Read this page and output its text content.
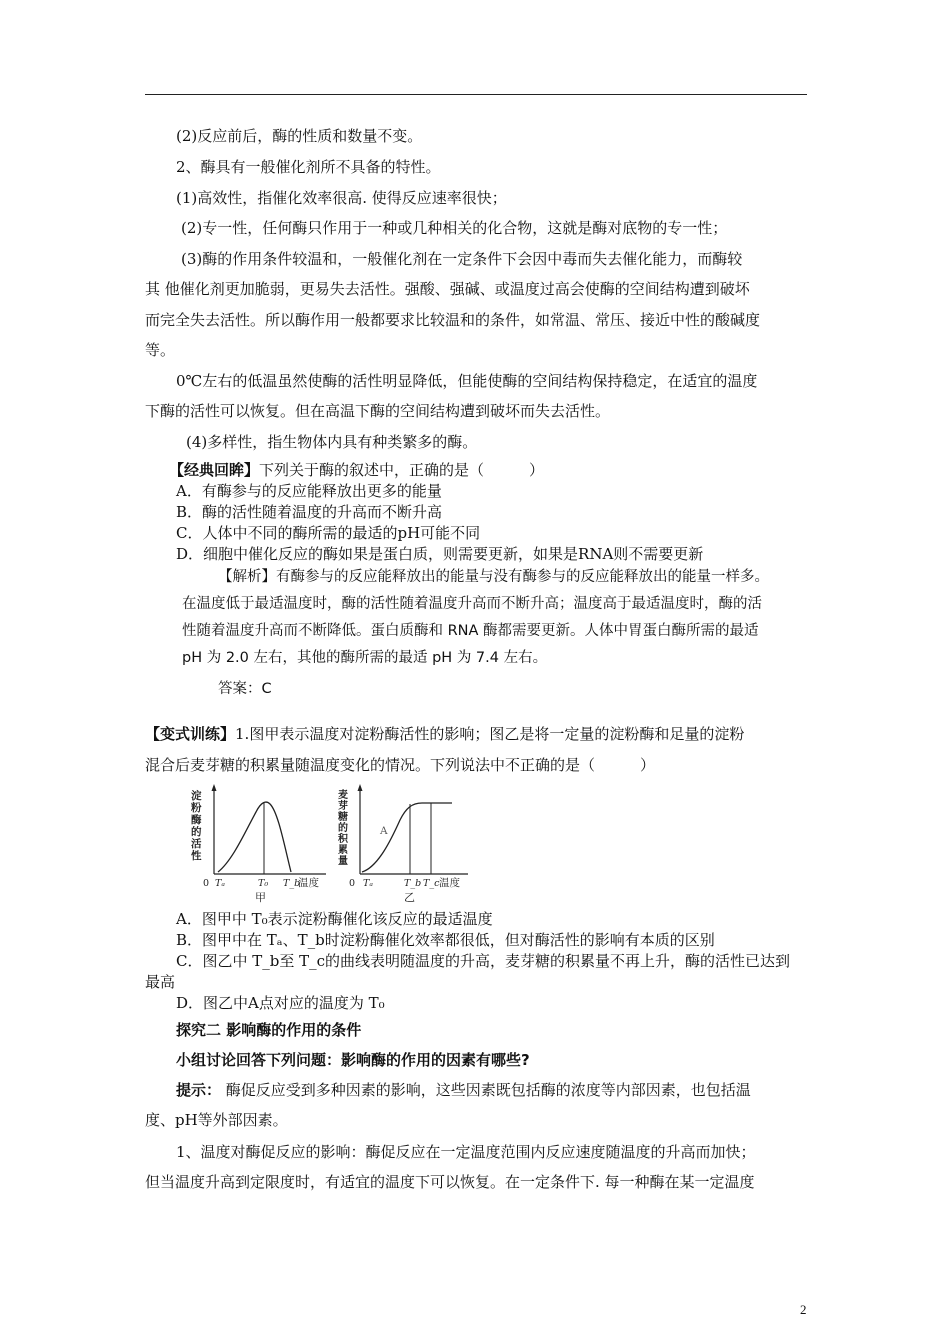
(2)反应前后，酶的性质和数量不变。
2、酶具有一般催化剂所不具备的特性。
(1)高效性，指催化效率很高. 使得反应速率很快；
(2)专一性，任何酶只作用于一种或几种相关的化合物，这就是酶对底物的专一性；
(3)酶的作用条件较温和，一般催化剂在一定条件下会因中毒而失去催化能力，而酶较
其 他催化剂更加脆弱，更易失去活性。强酸、强碱、或温度过高会使酶的空间结构遭到破坏
而完全失去活性。所以酶作用一般都要求比较温和的条件，如常温、常压、接近中性的酸碱度
等。
0℃左右的低温虽然使酶的活性明显降低，但能使酶的空间结构保持稳定，在适宜的温度
下酶的活性可以恢复。但在高温下酶的空间结构遭到破坏而失去活性。
(4)多样性，指生物体内具有种类繁多的酶。
【经典回眸】下列关于酶的叙述中，正确的是（　　　）
A．有酶参与的反应能释放出更多的能量
B．酶的活性随着温度的升高而不断升高
C．人体中不同的酶所需的最适的pH可能不同
D．细胞中催化反应的酶如果是蛋白质，则需要更新，如果是RNA则不需要更新
【解析】有酶参与的反应能释放出的能量与没有酶参与的反应能释放出的能量一样多。
在温度低于最适温度时，酶的活性随着温度升高而不断升高；温度高于最适温度时，酶的活
性随着温度升高而不断降低。蛋白质酶和 RNA 酶都需要更新。人体中胃蛋白酶所需的最适
pH 为 2.0 左右，其他的酶所需的最适 pH 为 7.4 左右。
答案：C
【变式训练】1.图甲表示温度对淀粉酶活性的影响；图乙是将一定量的淀粉酶和足量的淀粉
混合后麦芽糖的积累量随温度变化的情况。下列说法中不正确的是（　　　）
淀
粉
酶
的
活
性
0 Tₐ	T₀ T_b
温度
甲
麦
芽
糖
的
积
累
量
A
0 Tₐ	T_b T_c 温度
乙
A．图甲中 T₀表示淀粉酶催化该反应的最适温度
B．图甲中在 Tₐ、T_b时淀粉酶催化效率都很低，但对酶活性的影响有本质的区别
C．图乙中 T_b至 T_c的曲线表明随温度的升高，麦芽糖的积累量不再上升，酶的活性已达到
最高
D．图乙中A点对应的温度为 T₀
探究二 影响酶的作用的条件
小组讨论回答下列问题：影响酶的作用的因素有哪些?
提示： 酶促反应受到多种因素的影响，这些因素既包括酶的浓度等内部因素，也包括温
度、pH等外部因素。
1、温度对酶促反应的影响：酶促反应在一定温度范围内反应速度随温度的升高而加快；
但当温度升高到定限度时，有适宜的温度下可以恢复。在一定条件下. 每一种酶在某一定温度
2
